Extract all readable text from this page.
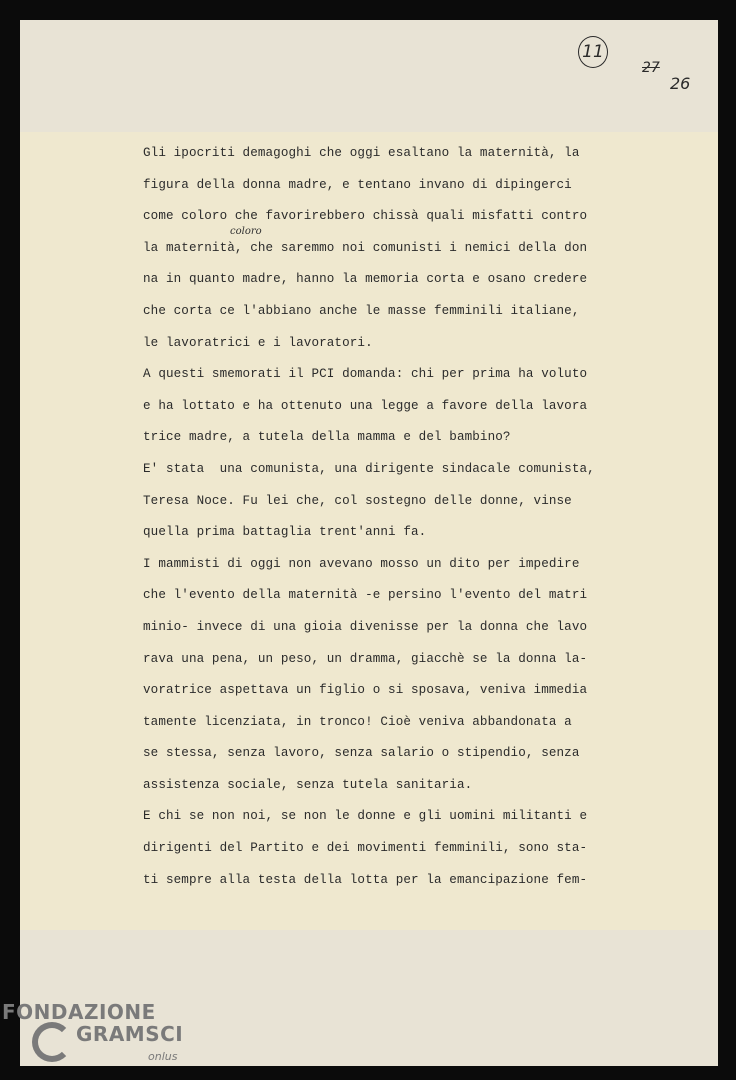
11
27
26
coloro
Gli ipocriti demagoghi che oggi esaltano la maternità, la
figura della donna madre, e tentano invano di dipingerci
come coloro che favorirebbero chissà quali misfatti contro
la maternità, che saremmo noi comunisti i nemici della don
na in quanto madre, hanno la memoria corta e osano credere
che corta ce l'abbiano anche le masse femminili italiane,
le lavoratrici e i lavoratori.
A questi smemorati il PCI domanda: chi per prima ha voluto
e ha lottato e ha ottenuto una legge a favore della lavora
trice madre, a tutela della mamma e del bambino?
E' stata  una comunista, una dirigente sindacale comunista,
Teresa Noce. Fu lei che, col sostegno delle donne, vinse
quella prima battaglia trent'anni fa.
I mammisti di oggi non avevano mosso un dito per impedire
che l'evento della maternità -e persino l'evento del matri
minio- invece di una gioia divenisse per la donna che lavo
rava una pena, un peso, un dramma, giacchè se la donna la-
voratrice aspettava un figlio o si sposava, veniva immedia
tamente licenziata, in tronco! Cioè veniva abbandonata a
se stessa, senza lavoro, senza salario o stipendio, senza
assistenza sociale, senza tutela sanitaria.
E chi se non noi, se non le donne e gli uomini militanti e
dirigenti del Partito e dei movimenti femminili, sono sta-
ti sempre alla testa della lotta per la emancipazione fem-
FONDAZIONE
GRAMSCI
onlus
